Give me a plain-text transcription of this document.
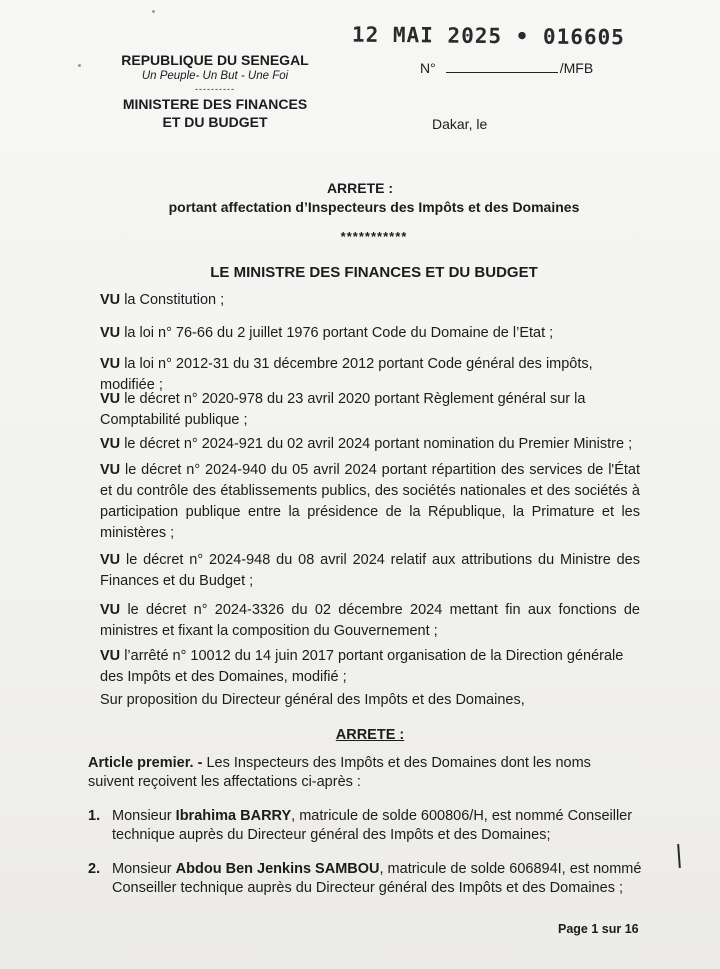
12 MAI 2025 • 016605
REPUBLIQUE DU SENEGAL
Un Peuple- Un But - Une Foi
----------
MINISTERE DES FINANCES
ET DU BUDGET
N°	/MFB
Dakar, le
ARRETE :
portant affectation d’Inspecteurs des Impôts et des Domaines
***********
LE MINISTRE DES FINANCES ET DU BUDGET
VU la Constitution ;
VU la loi n° 76-66 du 2 juillet 1976 portant Code du Domaine de l’Etat ;
VU la loi n° 2012-31 du 31 décembre 2012 portant Code général des impôts, modifiée ;
VU le décret n° 2020-978 du 23 avril 2020 portant Règlement général sur la Comptabilité publique ;
VU le décret n° 2024-921 du 02 avril 2024 portant nomination du Premier Ministre ;
VU le décret n° 2024-940 du 05 avril 2024 portant répartition des services de l'État et du contrôle des établissements publics, des sociétés nationales et des sociétés à participation publique entre la présidence de la République, la Primature et les ministères ;
VU le décret n° 2024-948 du 08 avril 2024 relatif aux attributions du Ministre des Finances et du Budget ;
VU le décret n° 2024-3326 du 02 décembre 2024 mettant fin aux fonctions de ministres et fixant la composition du Gouvernement ;
VU l’arrêté n° 10012 du 14 juin 2017 portant organisation de la Direction générale des Impôts et des Domaines, modifié ;
Sur proposition du Directeur général des Impôts et des Domaines,
ARRETE :
Article premier. - Les Inspecteurs des Impôts et des Domaines dont les noms suivent reçoivent les affectations ci-après :
1. Monsieur Ibrahima BARRY, matricule de solde 600806/H, est nommé Conseiller technique auprès du Directeur général des Impôts et des Domaines;
2. Monsieur Abdou Ben Jenkins SAMBOU, matricule de solde 606894I, est nommé Conseiller technique auprès du Directeur général des Impôts et des Domaines ;
Page 1 sur 16
